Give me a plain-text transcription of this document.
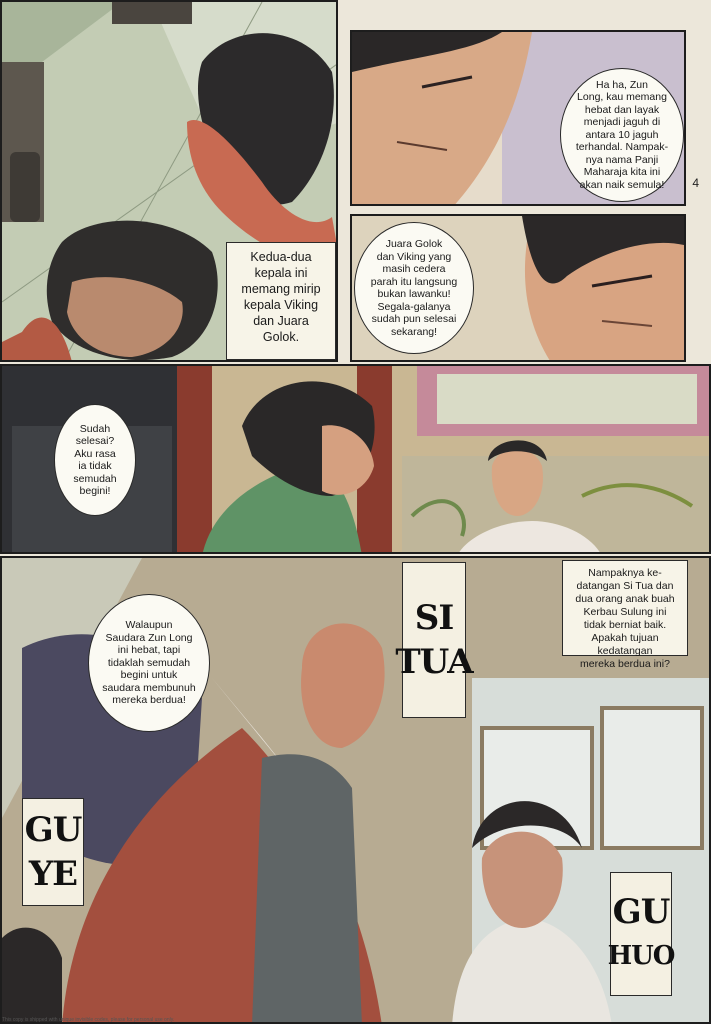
Kedua-dua
kepala ini
memang mirip
kepala Viking
dan Juara
Golok.
Ha ha, Zun
Long, kau memang
hebat dan layak
menjadi jaguh di
antara 10 jaguh
terhandal. Nampak-
nya nama Panji
Maharaja kita ini
akan naik semula!	4
Juara Golok
dan Viking yang
masih cedera
parah itu langsung
bukan lawanku!
Segala-galanya
sudah pun selesai
sekarang!
Sudah
selesai?
Aku rasa
ia tidak
semudah
begini!
Walaupun
Saudara Zun Long
ini hebat, tapi
tidaklah semudah
begini untuk
saudara membunuh
mereka berdua!
Nampaknya ke-
datangan Si Tua dan
dua orang anak buah
Kerbau Sulung ini
tidak berniat baik.
Apakah tujuan
kedatangan
mereka berdua ini?
SI
TUA
GU
YE
GU
HUO
This copy is shipped with unique invisible codes, please for personal use only.
